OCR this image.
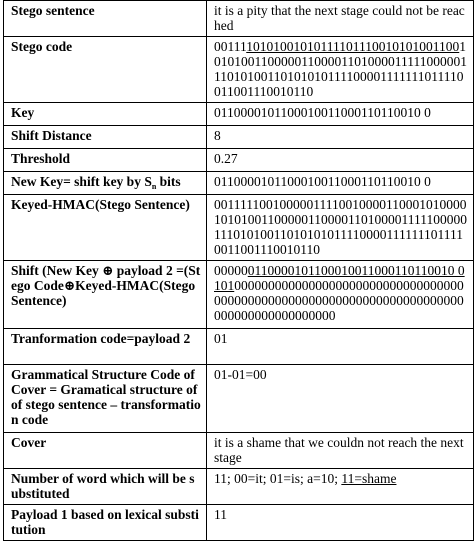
Stego sentence	it is a pity that the next stage could not be reached
Stego code	001111010100101011110111001010100110010101001100000110000110100001111100000111010100110101010111100001111111011110011001110010110
Key	0110000101100010011000110110010 0
Shift Distance	8
Threshold	0.27
New Key= shift key by $S_n$ bits	0110000101100010011000110110010 0
Keyed-HMAC(Stego Sentence)	0011111001000001111001000011000101000010101001100000110000110100001111100000111010100110101010111100001111111011110011001110010110
Shift (New Key ⊕ payload 2 =(Stego Code⊕Keyed-HMAC(Stego Sentence)	000000110000101100010011000110110010 010100000000000000000000000000000000000000000000000000000000000000000000000000000000000000000
Tranformation code=payload 2	01
Grammatical Structure Code of Cover = Gramatical structure of of stego sentence – transformation code	01-01=00
Cover	it is a shame that we couldn not reach the next stage
Number of word which will be substituted	11; 00=it; 01=is; a=10; 11=shame
Payload 1 based on lexical substitution	11
